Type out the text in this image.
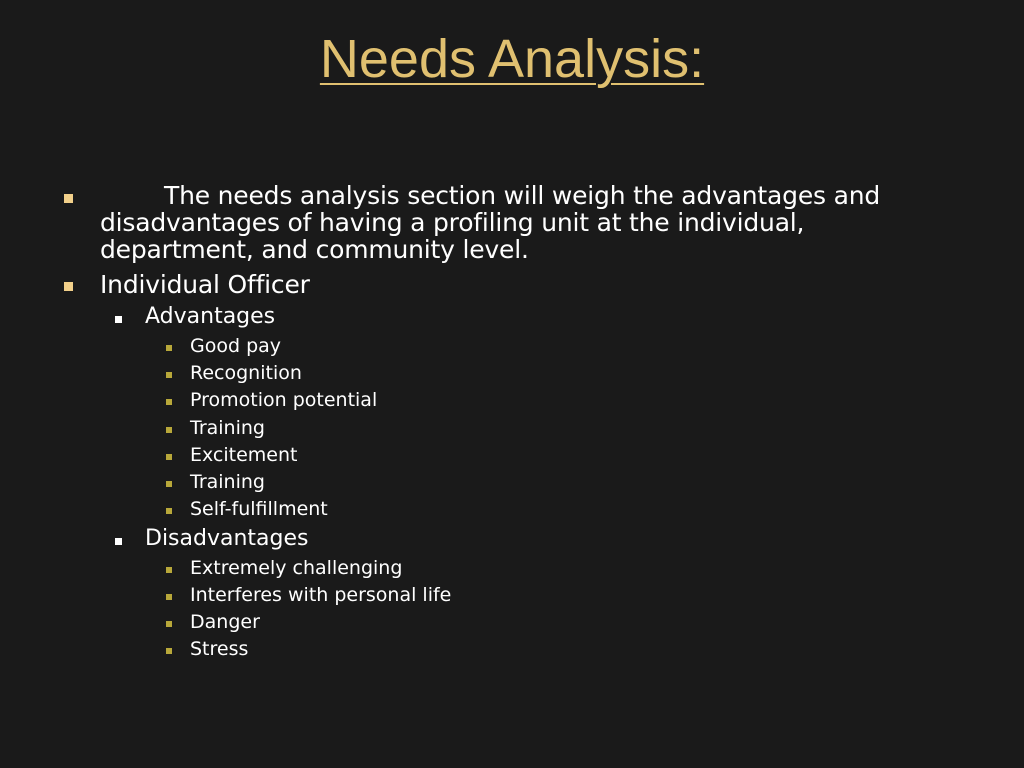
Needs Analysis:
The needs analysis section will weigh the advantages and disadvantages of having a profiling unit at the individual, department, and community level.
Individual Officer
Advantages
Good pay
Recognition
Promotion potential
Training
Excitement
Training
Self-fulfillment
Disadvantages
Extremely challenging
Interferes with personal life
Danger
Stress
